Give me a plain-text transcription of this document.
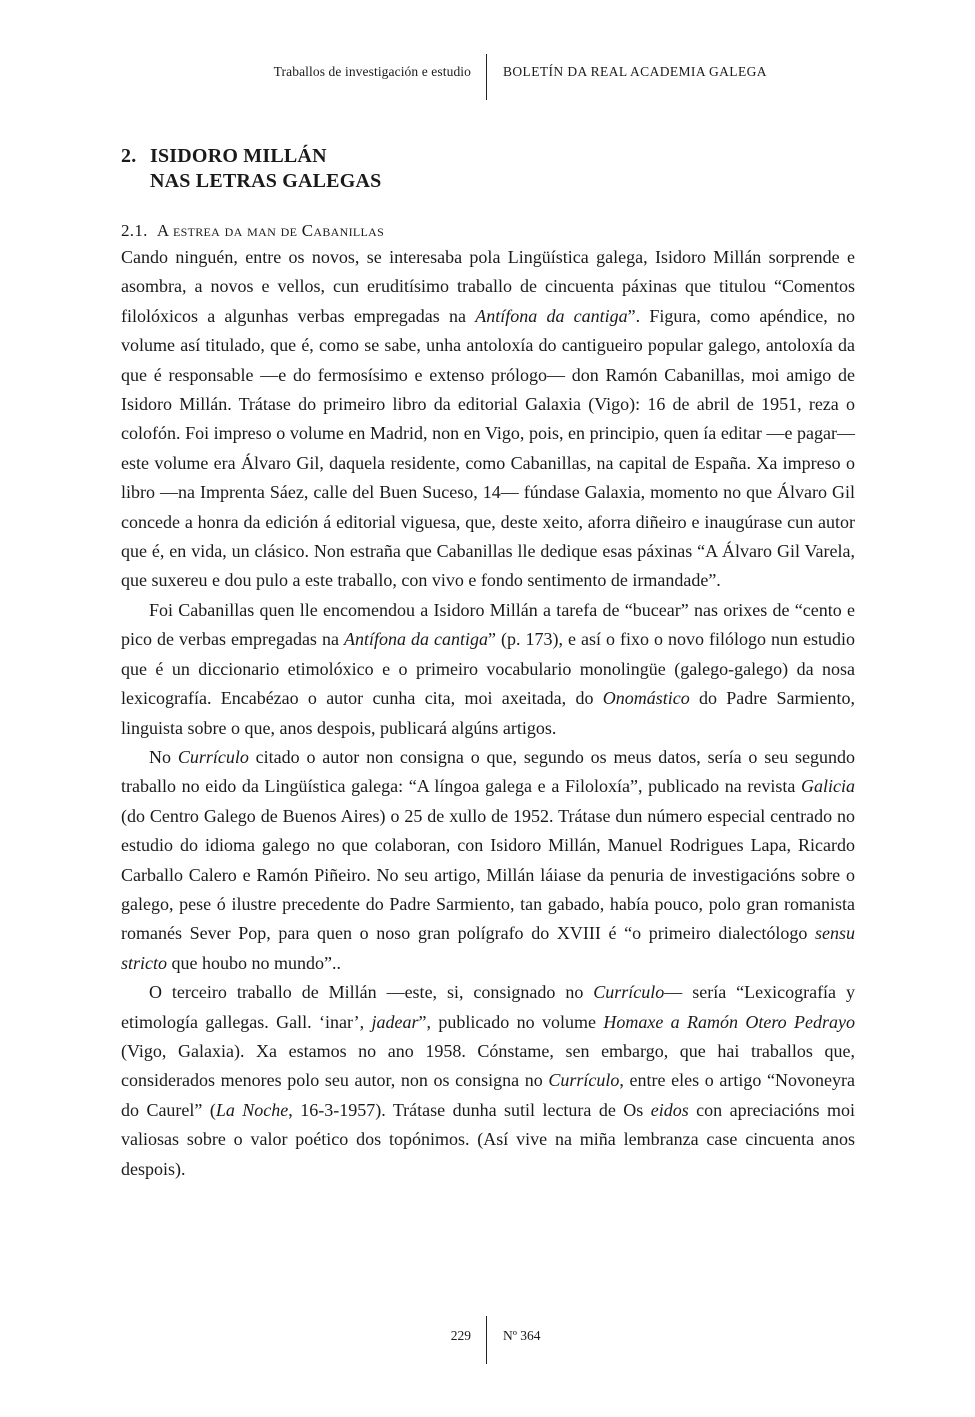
Traballos de investigación e estudio BOLETÍN DA REAL ACADEMIA GALEGA
2. ISIDORO MILLÁN
NAS LETRAS GALEGAS
2.1. A estrea da man de Cabanillas

Cando ninguén, entre os novos, se interesaba pola Lingüística galega, Isidoro Millán sorprende e asombra, a novos e vellos, cun eruditísimo traballo de cincuenta páxinas que titulou “Comentos filolóxicos a algunhas verbas empregadas na Antífona da cantiga”. Figura, como apéndice, no volume así titulado, que é, como se sabe, unha antoloxía do cantigueiro popular galego, antoloxía da que é responsable —e do fermosísimo e extenso prólogo— don Ramón Cabanillas, moi amigo de Isidoro Millán. Trátase do primeiro libro da editorial Galaxia (Vigo): 16 de abril de 1951, reza o colofón. Foi impreso o volume en Madrid, non en Vigo, pois, en principio, quen ía editar —e pagar— este volume era Álvaro Gil, daquela residente, como Cabanillas, na capital de España. Xa impreso o libro —na Imprenta Sáez, calle del Buen Suceso, 14— fúndase Galaxia, momento no que Álvaro Gil concede a honra da edición á editorial viguesa, que, deste xeito, aforra diñeiro e inaugúrase cun autor que é, en vida, un clásico. Non estraña que Cabanillas lle dedique esas páxinas “A Álvaro Gil Varela, que suxereu e dou pulo a este traballo, con vivo e fondo sentimento de irmandade”.

Foi Cabanillas quen lle encomendou a Isidoro Millán a tarefa de “bucear” nas orixes de “cento e pico de verbas empregadas na Antífona da cantiga” (p. 173), e así o fixo o novo filólogo nun estudio que é un diccionario etimolóxico e o primeiro vocabulario monolingüe (galego-galego) da nosa lexicografía. Encabézao o autor cunha cita, moi axeitada, do Onomástico do Padre Sarmiento, linguista sobre o que, anos despois, publicará algúns artigos.

No Currículo citado o autor non consigna o que, segundo os meus datos, sería o seu segundo traballo no eido da Lingüística galega: “A língoa galega e a Filoloxía”, publicado na revista Galicia (do Centro Galego de Buenos Aires) o 25 de xullo de 1952. Trátase dun número especial centrado no estudio do idioma galego no que colaboran, con Isidoro Millán, Manuel Rodrigues Lapa, Ricardo Carballo Calero e Ramón Piñeiro. No seu artigo, Millán láiase da penuria de investigacións sobre o galego, pese ó ilustre precedente do Padre Sarmiento, tan gabado, había pouco, polo gran romanista romanés Sever Pop, para quen o noso gran polígrafo do XVIII é “o primeiro dialectólogo sensu stricto que houbo no mundo”..

O terceiro traballo de Millán —este, si, consignado no Currículo— sería “Lexicografía y etimología gallegas. Gall. ‘inar’, jadear”, publicado no volume Homaxe a Ramón Otero Pedrayo (Vigo, Galaxia). Xa estamos no ano 1958. Cónstame, sen embargo, que hai traballos que, considerados menores polo seu autor, non os consigna no Currículo, entre eles o artigo “Novoneyra do Caurel” (La Noche, 16-3-1957). Trátase dunha sutil lectura de Os eidos con apreciacións moi valiosas sobre o valor poético dos topónimos. (Así vive na miña lembranza case cincuenta anos despois).

229 Nº 364
